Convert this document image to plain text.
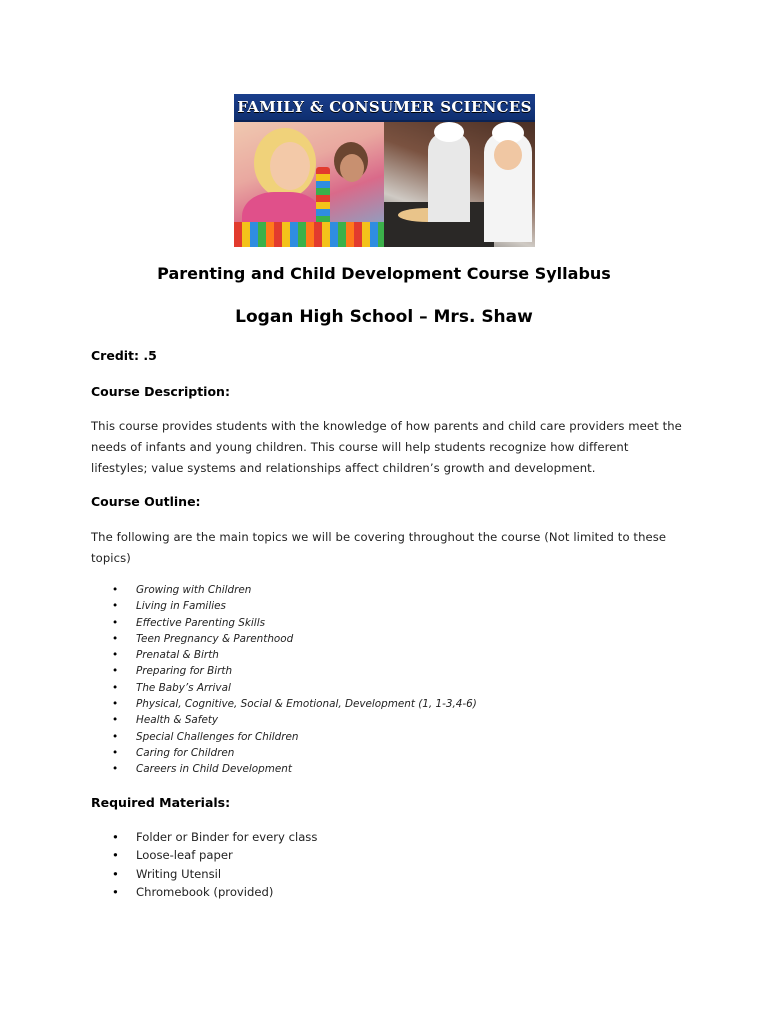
FAMILY & CONSUMER SCIENCES
Parenting and Child Development Course Syllabus
Logan High School – Mrs. Shaw
Credit: .5
Course Description:
This course provides students with the knowledge of how parents and child care providers meet the
needs of infants and young children. This course will help students recognize how different
lifestyles; value systems and relationships affect children’s growth and development.
Course Outline:
The following are the main topics we will be covering throughout the course (Not limited to these
topics)
• Growing with Children
• Living in Families
• Effective Parenting Skills
• Teen Pregnancy & Parenthood
• Prenatal & Birth
• Preparing for Birth
• The Baby’s Arrival
• Physical, Cognitive, Social & Emotional, Development (1, 1-3,4-6)
• Health & Safety
• Special Challenges for Children
• Caring for Children
• Careers in Child Development
Required Materials:
• Folder or Binder for every class
• Loose-leaf paper
• Writing Utensil
• Chromebook (provided)
